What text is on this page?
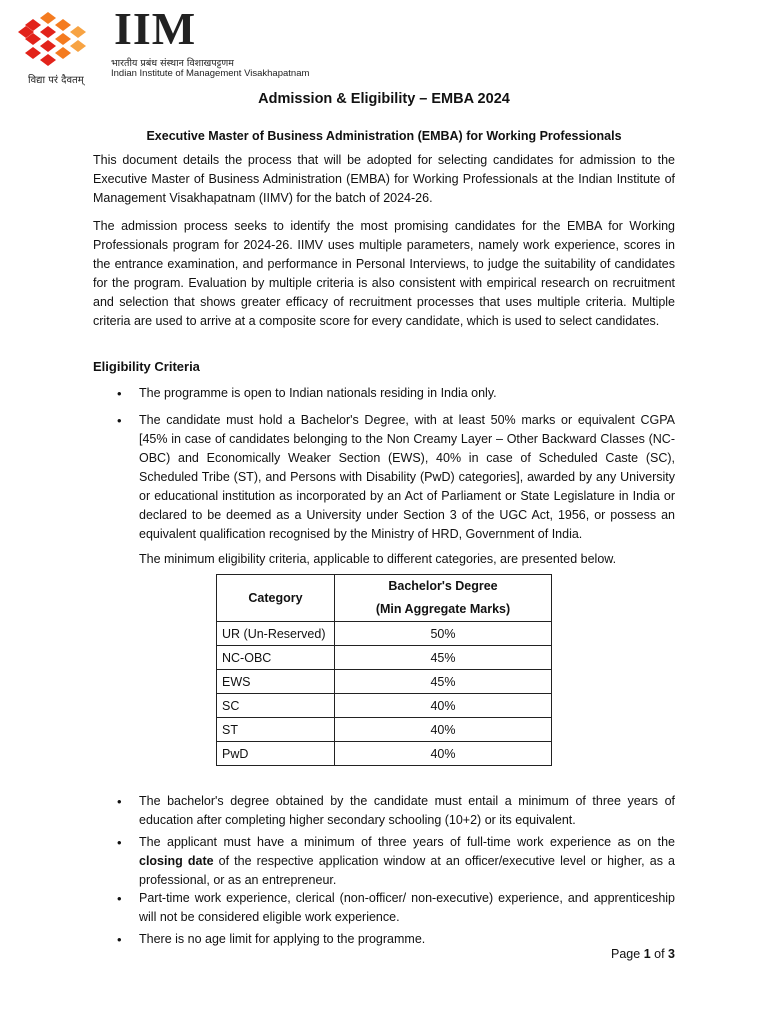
विद्या परं दैवतम्
IIM
भारतीय प्रबंध संस्थान विशाखपट्टणम
Indian Institute of Management Visakhapatnam
Admission & Eligibility – EMBA 2024
Executive Master of Business Administration (EMBA) for Working Professionals
This document details the process that will be adopted for selecting candidates for admission to the Executive Master of Business Administration (EMBA) for Working Professionals at the Indian Institute of Management Visakhapatnam (IIMV) for the batch of 2024-26.
The admission process seeks to identify the most promising candidates for the EMBA for Working Professionals program for 2024-26. IIMV uses multiple parameters, namely work experience, scores in the entrance examination, and performance in Personal Interviews, to judge the suitability of candidates for the program. Evaluation by multiple criteria is also consistent with empirical research on recruitment and selection that shows greater efficacy of recruitment processes that uses multiple criteria. Multiple criteria are used to arrive at a composite score for every candidate, which is used to select candidates.
Eligibility Criteria
• The programme is open to Indian nationals residing in India only.
• The candidate must hold a Bachelor's Degree, with at least 50% marks or equivalent CGPA [45% in case of candidates belonging to the Non Creamy Layer – Other Backward Classes (NC-OBC) and Economically Weaker Section (EWS), 40% in case of Scheduled Caste (SC), Scheduled Tribe (ST), and Persons with Disability (PwD) categories], awarded by any University or educational institution as incorporated by an Act of Parliament or State Legislature in India or declared to be deemed as a University under Section 3 of the UGC Act, 1956, or possess an equivalent qualification recognised by the Ministry of HRD, Government of India.
The minimum eligibility criteria, applicable to different categories, are presented below.
Category	Bachelor's Degree
(Min Aggregate Marks)

UR (Un-Reserved)	50%
NC-OBC	45%
EWS	45%
SC	40%
ST	40%
PwD	40%
• The bachelor's degree obtained by the candidate must entail a minimum of three years of education after completing higher secondary schooling (10+2) or its equivalent.
• The applicant must have a minimum of three years of full-time work experience as on the closing date of the respective application window at an officer/executive level or higher, as a professional, or as an entrepreneur.
• Part-time work experience, clerical (non-officer/ non-executive) experience, and apprenticeship will not be considered eligible work experience.
• There is no age limit for applying to the programme.
Page 1 of 3
